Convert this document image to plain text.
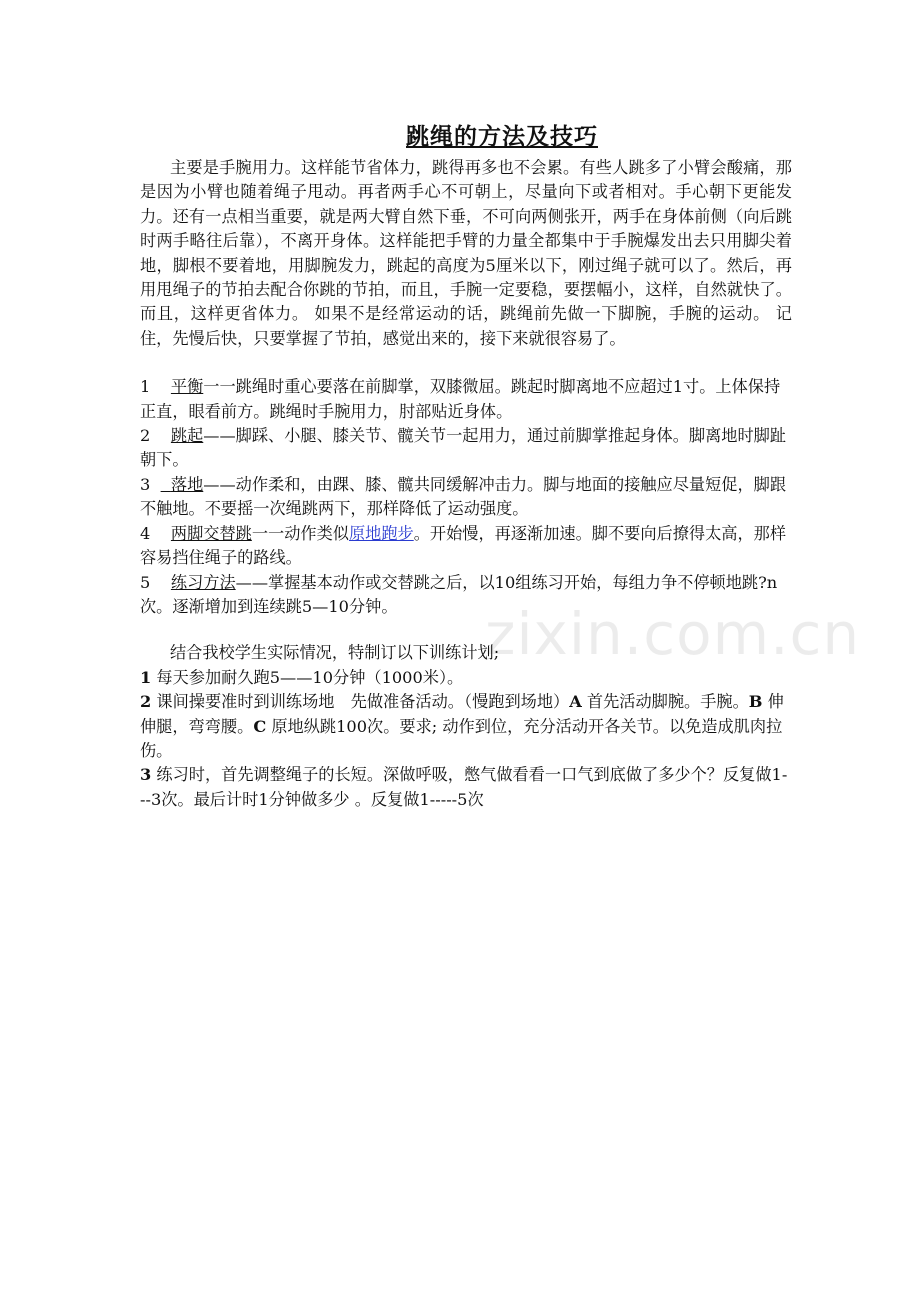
跳绳的方法及技巧

主要是手腕用力。这样能节省体力，跳得再多也不会累。有些人跳多了小臂会酸痛，那是因为小臂也随着绳子甩动。再者两手心不可朝上，尽量向下或者相对。手心朝下更能发力。还有一点相当重要，就是两大臂自然下垂，不可向两侧张开，两手在身体前侧（向后跳时两手略往后靠），不离开身体。这样能把手臂的力量全都集中于手腕爆发出去只用脚尖着地，脚根不要着地，用脚腕发力，跳起的高度为5厘米以下，刚过绳子就可以了。然后，再用甩绳子的节拍去配合你跳的节拍，而且，手腕一定要稳，要摆幅小，这样，自然就快了。 而且，这样更省体力。 如果不是经常运动的话，跳绳前先做一下脚腕，手腕的运动。 记住，先慢后快，只要掌握了节拍，感觉出来的，接下来就很容易了。

1 平衡一一跳绳时重心要落在前脚掌，双膝微屈。跳起时脚离地不应超过1寸。上体保持正直，眼看前方。跳绳时手腕用力，肘部贴近身体。

2 跳起——脚踩、小腿、膝关节、髋关节一起用力，通过前脚掌推起身体。脚离地时脚趾朝下。

3 落地——动作柔和，由踝、膝、髋共同缓解冲击力。脚与地面的接触应尽量短促，脚跟不触地。不要摇一次绳跳两下，那样降低了运动强度。

4 两脚交替跳一一动作类似原地跑步。开始慢，再逐渐加速。脚不要向后撩得太高，那样容易挡住绳子的路线。

5 练习方法——掌握基本动作或交替跳之后，以10组练习开始，每组力争不停顿地跳?n次。逐渐增加到连续跳5—10分钟。

结合我校学生实际情况，特制订以下训练计划;

1 每天参加耐久跑5——10分钟（1000米）。

2 课间操要准时到训练场地　先做准备活动。（慢跑到场地）A 首先活动脚腕。手腕。B 伸伸腿，弯弯腰。C 原地纵跳100次。要求; 动作到位，充分活动开各关节。以免造成肌肉拉伤。

3 练习时，首先调整绳子的长短。深做呼吸，憋气做看看一口气到底做了多少个？反复做1---3次。最后计时1分钟做多少 。反复做1-----5次

zixin.com.cn
